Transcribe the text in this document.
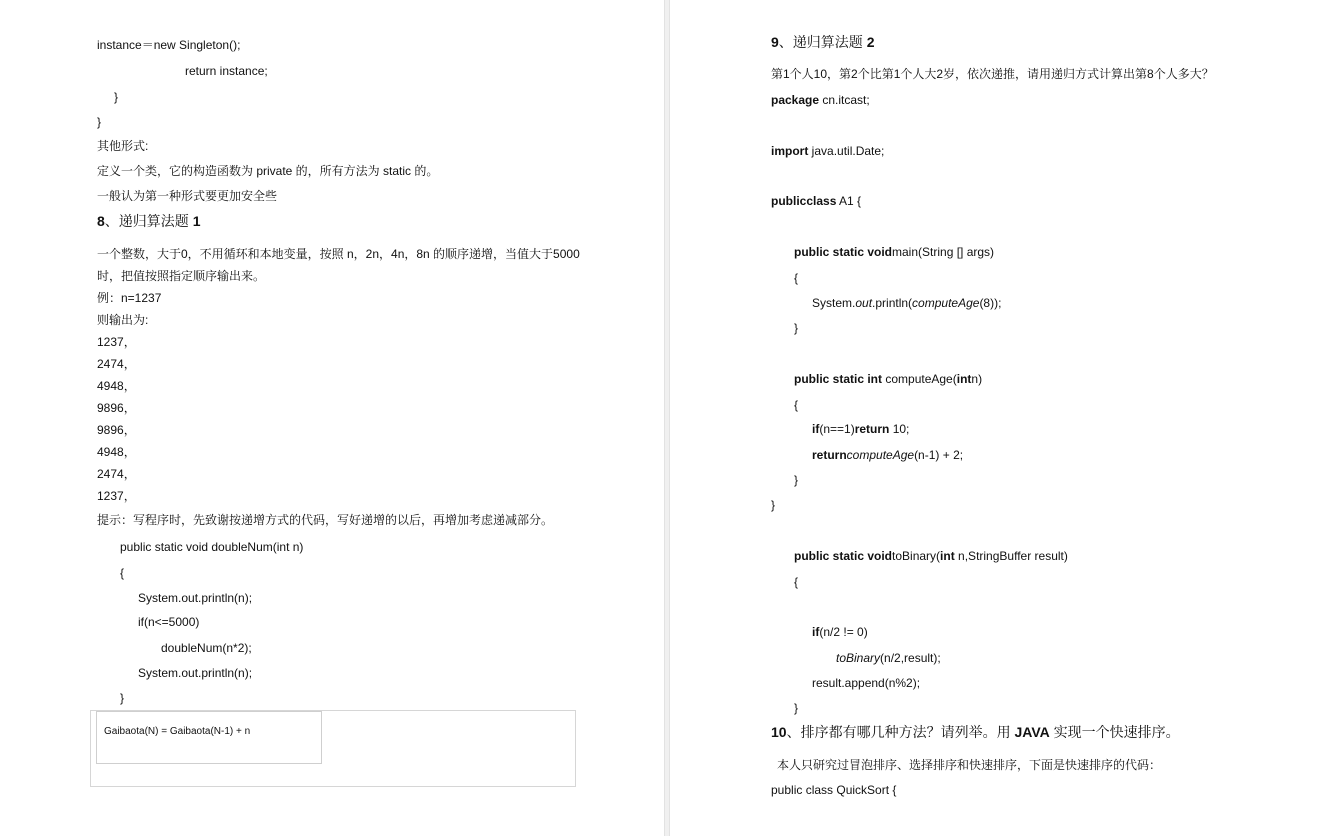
instance＝new Singleton();
return instance;
}
}
其他形式:
定义一个类，它的构造函数为 private 的，所有方法为 static 的。
一般认为第一种形式要更加安全些
8、递归算法题 1
一个整数，大于0，不用循环和本地变量，按照 n，2n，4n，8n 的顺序递增，当值大于5000
时，把值按照指定顺序输出来。
例：n=1237
则输出为:
1237，
2474，
4948，
9896，
9896，
4948，
2474，
1237，
提示：写程序时，先致谢按递增方式的代码，写好递增的以后，再增加考虑递减部分。
public static void doubleNum(int n)
{
System.out.println(n);
if(n<=5000)
doubleNum(n*2);
System.out.println(n);
}
Gaibaota(N) = Gaibaota(N-1) + n
9、递归算法题 2
第1个人10，第2个比第1个人大2岁，依次递推，请用递归方式计算出第8个人多大？
package cn.itcast;
import java.util.Date;
publicclass A1 {
public static voidmain(String [] args)
{
System.out.println(computeAge(8));
}
public static int computeAge(intn)
{
if(n==1)return 10;
returncomputeAge(n-1) + 2;
}
}
public static voidtoBinary(int n,StringBuffer result)
{
if(n/2 != 0)
toBinary(n/2,result);
result.append(n%2);
}
10、排序都有哪几种方法？请列举。用 JAVA 实现一个快速排序。
本人只研究过冒泡排序、选择排序和快速排序，下面是快速排序的代码：
public class QuickSort {
